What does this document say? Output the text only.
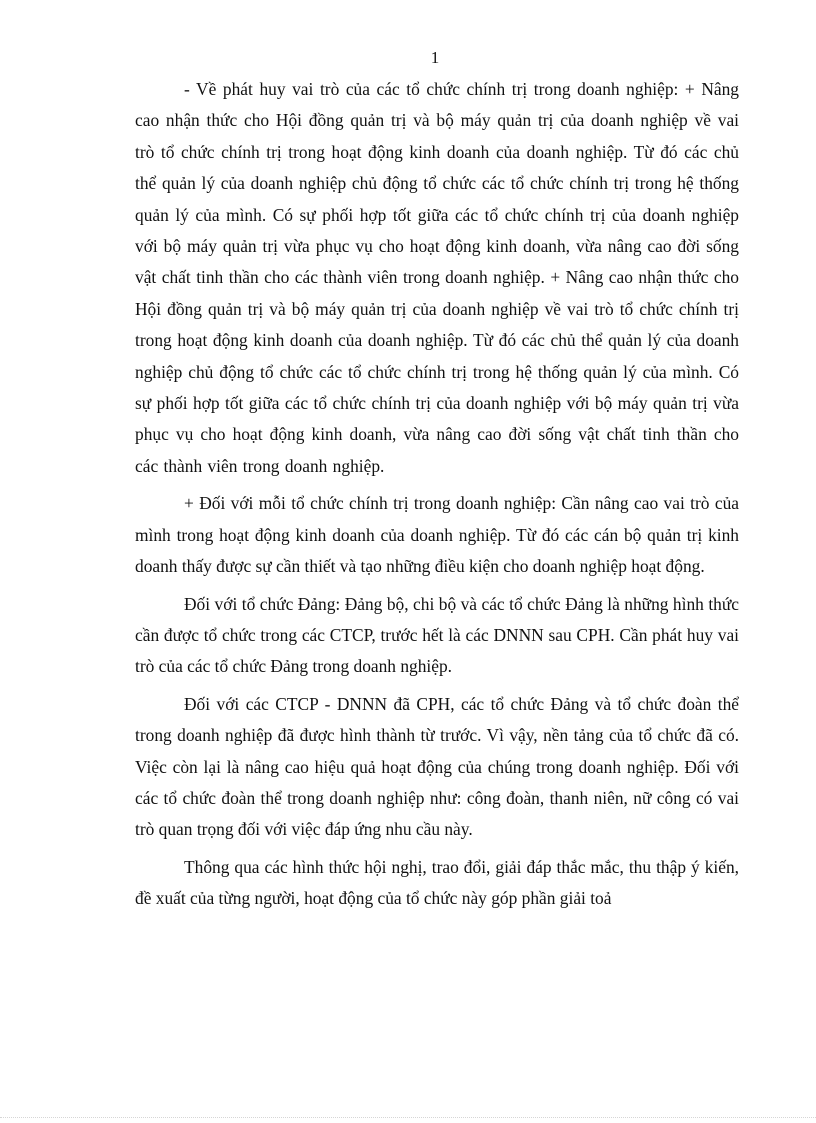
1

- Về phát huy vai trò của các tổ chức chính trị trong doanh nghiệp: + Nâng cao nhận thức cho Hội đồng quản trị và bộ máy quản trị của doanh nghiệp về vai trò tổ chức chính trị trong hoạt động kinh doanh của doanh nghiệp. Từ đó các chủ thể quản lý của doanh nghiệp chủ động tổ chức các tổ chức chính trị trong hệ thống quản lý của mình. Có sự phối hợp tốt giữa các tổ chức chính trị của doanh nghiệp với bộ máy quản trị vừa phục vụ cho hoạt động kinh doanh, vừa nâng cao đời sống vật chất tinh thần cho các thành viên trong doanh nghiệp. + Nâng cao nhận thức cho Hội đồng quản trị và bộ máy quản trị của doanh nghiệp về vai trò tổ chức chính trị trong hoạt động kinh doanh của doanh nghiệp. Từ đó các chủ thể quản lý của doanh nghiệp chủ động tổ chức các tổ chức chính trị trong hệ thống quản lý của mình. Có sự phối hợp tốt giữa các tổ chức chính trị của doanh nghiệp với bộ máy quản trị vừa phục vụ cho hoạt động kinh doanh, vừa nâng cao đời sống vật chất tinh thần cho các thành viên trong doanh nghiệp.

+ Đối với mỗi tổ chức chính trị trong doanh nghiệp: Cần nâng cao vai trò của mình trong hoạt động kinh doanh của doanh nghiệp. Từ đó các cán bộ quản trị kinh doanh thấy được sự cần thiết và tạo những điều kiện cho doanh nghiệp hoạt động.

Đối với tổ chức Đảng: Đảng bộ, chi bộ và các tổ chức Đảng là những hình thức cần được tổ chức trong các CTCP, trước hết là các DNNN sau CPH. Cần phát huy vai trò của các tổ chức Đảng trong doanh nghiệp.

Đối với các CTCP - DNNN đã CPH, các tổ chức Đảng và tổ chức đoàn thể trong doanh nghiệp đã được hình thành từ trước. Vì vậy, nền tảng của tổ chức đã có. Việc còn lại là nâng cao hiệu quả hoạt động của chúng trong doanh nghiệp. Đối với các tổ chức đoàn thể trong doanh nghiệp như: công đoàn, thanh niên, nữ công có vai trò quan trọng đối với việc đáp ứng nhu cầu này.

Thông qua các hình thức hội nghị, trao đổi, giải đáp thắc mắc, thu thập ý kiến, đề xuất của từng người, hoạt động của tổ chức này góp phần giải toả
